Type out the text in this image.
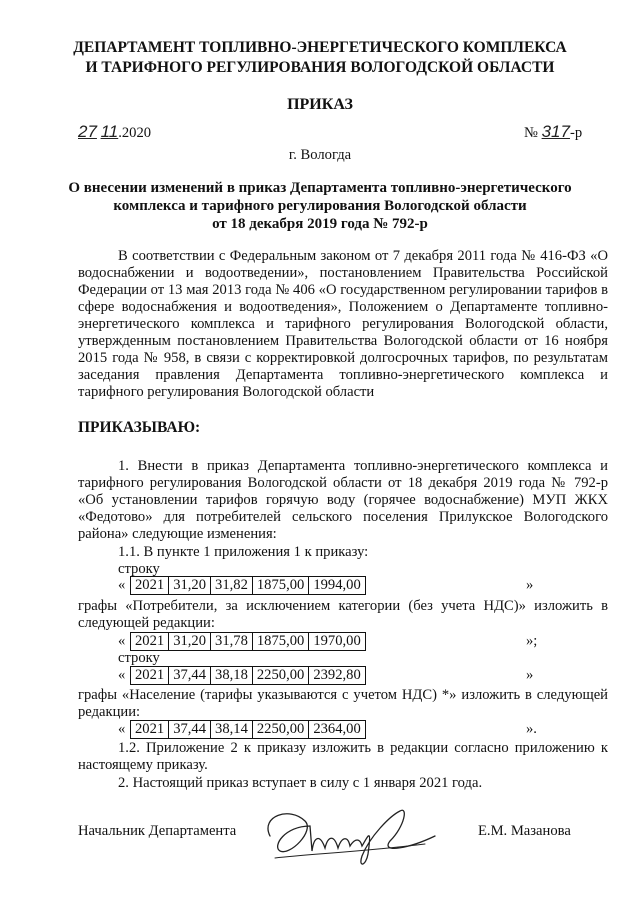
ДЕПАРТАМЕНТ ТОПЛИВНО-ЭНЕРГЕТИЧЕСКОГО КОМПЛЕКСА
И ТАРИФНОГО РЕГУЛИРОВАНИЯ ВОЛОГОДСКОЙ ОБЛАСТИ
ПРИКАЗ
27 11.2020	№ 317-р
г. Вологда
О внесении изменений в приказ Департамента топливно-энергетического
комплекса и тарифного регулирования Вологодской области
от 18 декабря 2019 года № 792-р

В соответствии с Федеральным законом от 7 декабря 2011 года № 416-ФЗ «О водоснабжении и водоотведении», постановлением Правительства Российской Федерации от 13 мая 2013 года № 406 «О государственном регулировании тарифов в сфере водоснабжения и водоотведения», Положением о Департаменте топливно-энергетического комплекса и тарифного регулирования Вологодской области, утвержденным постановлением Правительства Вологодской области от 16 ноября 2015 года № 958, в связи с корректировкой долгосрочных тарифов, по результатам заседания правления Департамента топливно-энергетического комплекса и тарифного регулирования Вологодской области

ПРИКАЗЫВАЮ:

1. Внести в приказ Департамента топливно-энергетического комплекса и тарифного регулирования Вологодской области от 18 декабря 2019 года № 792-р «Об установлении тарифов горячую воду (горячее водоснабжение) МУП ЖКХ «Федотово» для потребителей сельского поселения Прилукское Вологодского района» следующие изменения:

1.1. В пункте 1 приложения 1 к приказу:
строку
« 2021	31,20	31,82	1875,00	1994,00	»

графы «Потребители, за исключением категории (без учета НДС)» изложить в следующей редакции:

« 2021	31,20	31,78	1875,00	1970,00	»;
строку
« 2021	37,44	38,18	2250,00	2392,80	»

графы «Население (тарифы указываются с учетом НДС) *» изложить в следующей редакции:

« 2021	37,44	38,14	2250,00	2364,00	».

1.2. Приложение 2 к приказу изложить в редакции согласно приложению к настоящему приказу.

2. Настоящий приказ вступает в силу с 1 января 2021 года.
Начальник Департамента	Е.М. Мазанова
